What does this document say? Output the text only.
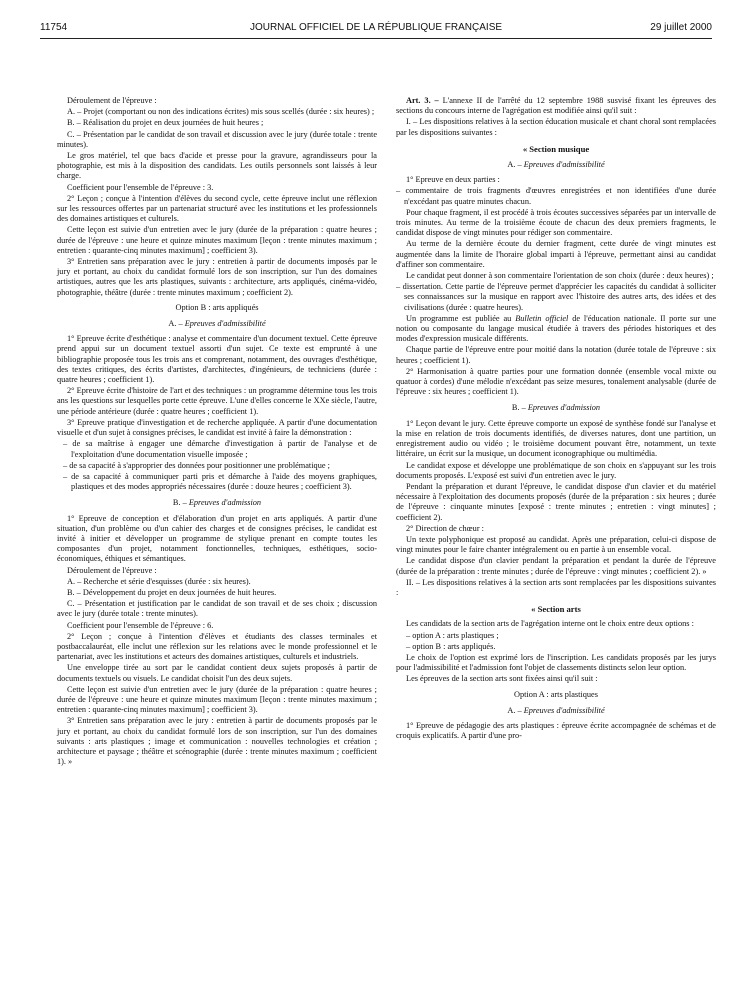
11754	JOURNAL OFFICIEL DE LA RÉPUBLIQUE FRANÇAISE	29 juillet 2000

Déroulement de l'épreuve :

A. – Projet (comportant ou non des indications écrites) mis sous scellés (durée : six heures) ;

B. – Réalisation du projet en deux journées de huit heures ;

C. – Présentation par le candidat de son travail et discussion avec le jury (durée totale : trente minutes).

Le gros matériel, tel que bacs d'acide et presse pour la gravure, agrandisseurs pour la photographie, est mis à la disposition des candidats. Les outils personnels sont laissés à leur charge.

Coefficient pour l'ensemble de l'épreuve : 3.

2° Leçon ; conçue à l'intention d'élèves du second cycle, cette épreuve inclut une réflexion sur les ressources offertes par un partenariat structuré avec les institutions et les professionnels des domaines artistiques et culturels.

Cette leçon est suivie d'un entretien avec le jury (durée de la préparation : quatre heures ; durée de l'épreuve : une heure et quinze minutes maximum [leçon : trente minutes maximum ; entretien : quarante-cinq minutes maximum] ; coefficient 3).

3° Entretien sans préparation avec le jury : entretien à partir de documents imposés par le jury et portant, au choix du candidat formulé lors de son inscription, sur l'un des domaines artistiques, autres que les arts plastiques, suivants : architecture, arts appliqués, cinéma-vidéo, photographie, théâtre (durée : trente minutes maximum ; coefficient 2).

Option B : arts appliqués

A. – Epreuves d'admissibilité

1° Epreuve écrite d'esthétique : analyse et commentaire d'un document textuel. Cette épreuve prend appui sur un document textuel assorti d'un sujet. Ce texte est emprunté à une bibliographie proposée tous les trois ans et comprenant, notamment, des ouvrages d'esthétique, des textes critiques, des écrits d'artistes, d'architectes, d'ingénieurs, de techniciens (durée : quatre heures ; coefficient 1).

2° Epreuve écrite d'histoire de l'art et des techniques : un programme détermine tous les trois ans les questions sur lesquelles porte cette épreuve. L'une d'elles concerne le XXe siècle, l'autre, une période antérieure (durée : quatre heures ; coefficient 1).

3° Epreuve pratique d'investigation et de recherche appliquée. A partir d'une documentation visuelle et d'un sujet à consignes précises, le candidat est invité à faire la démonstration :

– de sa maîtrise à engager une démarche d'investigation à partir de l'analyse et de l'exploitation d'une documentation visuelle imposée ;

– de sa capacité à s'approprier des données pour positionner une problématique ;

– de sa capacité à communiquer parti pris et démarche à l'aide des moyens graphiques, plastiques et des modes appropriés nécessaires (durée : douze heures ; coefficient 3).

B. – Epreuves d'admission

1° Epreuve de conception et d'élaboration d'un projet en arts appliqués. A partir d'une situation, d'un problème ou d'un cahier des charges et de consignes précises, le candidat est invité à initier et développer un programme de stylique prenant en compte toutes les composantes d'un projet, notamment fonctionnelles, techniques, esthétiques, socio-économiques, éthiques et sémantiques.

Déroulement de l'épreuve :

A. – Recherche et série d'esquisses (durée : six heures).

B. – Développement du projet en deux journées de huit heures.

C. – Présentation et justification par le candidat de son travail et de ses choix ; discussion avec le jury (durée totale : trente minutes).

Coefficient pour l'ensemble de l'épreuve : 6.

2° Leçon ; conçue à l'intention d'élèves et étudiants des classes terminales et postbaccalauréat, elle inclut une réflexion sur les relations avec le monde professionnel et le partenariat, avec les institutions et acteurs des domaines artistiques, culturels et industriels.

Une enveloppe tirée au sort par le candidat contient deux sujets proposés à partir de documents textuels ou visuels. Le candidat choisit l'un des deux sujets.

Cette leçon est suivie d'un entretien avec le jury (durée de la préparation : quatre heures ; durée de l'épreuve : une heure et quinze minutes maximum [leçon : trente minutes maximum ; entretien : quarante-cinq minutes maximum] ; coefficient 3).

3° Entretien sans préparation avec le jury : entretien à partir de documents proposés par le jury et portant, au choix du candidat formulé lors de son inscription, sur l'un des domaines suivants : arts plastiques ; image et communication : nouvelles technologies et création ; architecture et paysage ; théâtre et scénographie (durée : trente minutes maximum ; coefficient 1). »

Art. 3. – L'annexe II de l'arrêté du 12 septembre 1988 susvisé fixant les épreuves des sections du concours interne de l'agrégation est modifiée ainsi qu'il suit :

I. – Les dispositions relatives à la section éducation musicale et chant choral sont remplacées par les dispositions suivantes :

« Section musique

A. – Epreuves d'admissibilité

1° Epreuve en deux parties :

– commentaire de trois fragments d'œuvres enregistrées et non identifiées d'une durée n'excédant pas quatre minutes chacun.

Pour chaque fragment, il est procédé à trois écoutes successives séparées par un intervalle de trois minutes. Au terme de la troisième écoute de chacun des deux premiers fragments, le candidat dispose de vingt minutes pour rédiger son commentaire.

Au terme de la dernière écoute du dernier fragment, cette durée de vingt minutes est augmentée dans la limite de l'horaire global imparti à l'épreuve, permettant ainsi au candidat d'affiner son commentaire.

Le candidat peut donner à son commentaire l'orientation de son choix (durée : deux heures) ;

– dissertation. Cette partie de l'épreuve permet d'apprécier les capacités du candidat à solliciter ses connaissances sur la musique en rapport avec l'histoire des autres arts, des idées et des civilisations (durée : quatre heures).

Un programme est publiée au Bulletin officiel de l'éducation nationale. Il porte sur une notion ou composante du langage musical étudiée à travers des périodes historiques et des modes d'expression musicale différents.

Chaque partie de l'épreuve entre pour moitié dans la notation (durée totale de l'épreuve : six heures ; coefficient 1).

2° Harmonisation à quatre parties pour une formation donnée (ensemble vocal mixte ou quatuor à cordes) d'une mélodie n'excédant pas seize mesures, tonalement analysable (durée de l'épreuve : six heures ; coefficient 1).

B. – Epreuves d'admission

1° Leçon devant le jury. Cette épreuve comporte un exposé de synthèse fondé sur l'analyse et la mise en relation de trois documents identifiés, de diverses natures, dont une partition, un enregistrement audio ou vidéo ; le troisième document pouvant être, notamment, un texte littéraire, un écrit sur la musique, un document iconographique ou multimédia.

Le candidat expose et développe une problématique de son choix en s'appuyant sur les trois documents proposés. L'exposé est suivi d'un entretien avec le jury.

Pendant la préparation et durant l'épreuve, le candidat dispose d'un clavier et du matériel nécessaire à l'exploitation des documents proposés (durée de la préparation : six heures ; durée de l'épreuve : cinquante minutes [exposé : trente minutes ; entretien : vingt minutes] ; coefficient 2).

2° Direction de chœur :

Un texte polyphonique est proposé au candidat. Après une préparation, celui-ci dispose de vingt minutes pour le faire chanter intégralement ou en partie à un ensemble vocal.

Le candidat dispose d'un clavier pendant la préparation et pendant la durée de l'épreuve (durée de la préparation : trente minutes ; durée de l'épreuve : vingt minutes ; coefficient 2). »

II. – Les dispositions relatives à la section arts sont remplacées par les dispositions suivantes :

« Section arts

Les candidats de la section arts de l'agrégation interne ont le choix entre deux options :

– option A : arts plastiques ;

– option B : arts appliqués.

Le choix de l'option est exprimé lors de l'inscription. Les candidats proposés par les jurys pour l'admissibilité et l'admission font l'objet de classements distincts selon leur option.

Les épreuves de la section arts sont fixées ainsi qu'il suit :

Option A : arts plastiques

A. – Epreuves d'admissibilité

1° Epreuve de pédagogie des arts plastiques : épreuve écrite accompagnée de schémas et de croquis explicatifs. A partir d'une pro-
